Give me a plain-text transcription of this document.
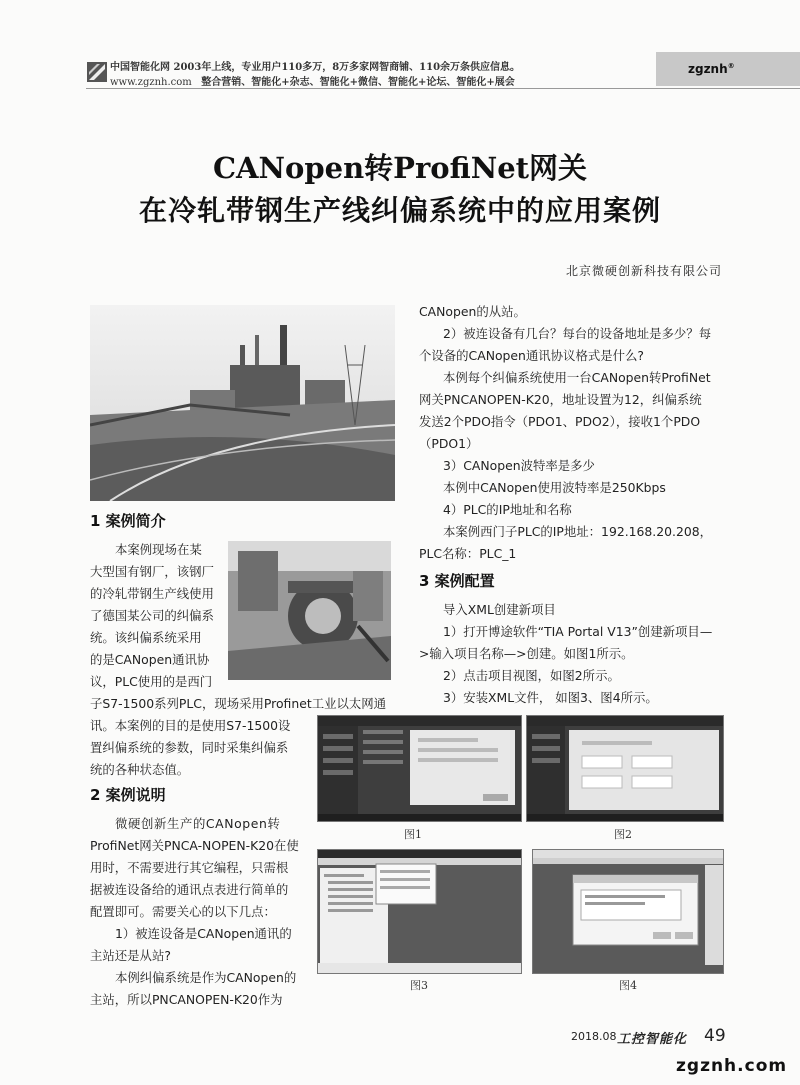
中国智能化网 2003年上线，专业用户110多万，8万多家网智商铺、110余万条供应信息。
www.zgznh.com 整合营销、智能化+杂志、智能化+微信、智能化+论坛、智能化+展会
zgznh®
CANopen转ProfiNet网关
在冷轧带钢生产线纠偏系统中的应用案例
北京微硬创新科技有限公司
1 案例简介
本案例现场在某
大型国有钢厂，该钢厂
的冷轧带钢生产线使用
了德国某公司的纠偏系
统。该纠偏系统采用
的是CANopen通讯协
议，PLC使用的是西门
子S7-1500系列PLC，现场采用Profinet工业以太网通
讯。本案例的目的是使用S7-1500设
置纠偏系统的参数，同时采集纠偏系
统的各种状态值。
2 案例说明
微硬创新生产的CANopen转
ProfiNet网关PNCA-NOPEN-K20在使
用时，不需要进行其它编程，只需根
据被连设备给的通讯点表进行简单的
配置即可。需要关心的以下几点：
1）被连设备是CANopen通讯的
主站还是从站?
本例纠偏系统是作为CANopen的
主站，所以PNCANOPEN-K20作为
CANopen的从站。
2）被连设备有几台？每台的设备地址是多少？每
个设备的CANopen通讯协议格式是什么?
本例每个纠偏系统使用一台CANopen转ProfiNet
网关PNCANOPEN-K20，地址设置为12，纠偏系统
发送2个PDO指令（PDO1、PDO2），接收1个PDO
（PDO1）
3）CANopen波特率是多少
本例中CANopen使用波特率是250Kbps
4）PLC的IP地址和名称
本案例西门子PLC的IP地址：192.168.20.208，
PLC名称：PLC_1
3 案例配置
导入XML创建新项目
1）打开博途软件“TIA Portal V13”创建新项目—
>输入项目名称—>创建。如图1所示。
2）点击项目视图，如图2所示。
3）安装XML文件， 如图3、图4所示。
图1	图2
图3	图4
2018.08 工控智能化 49
zgznh.com
